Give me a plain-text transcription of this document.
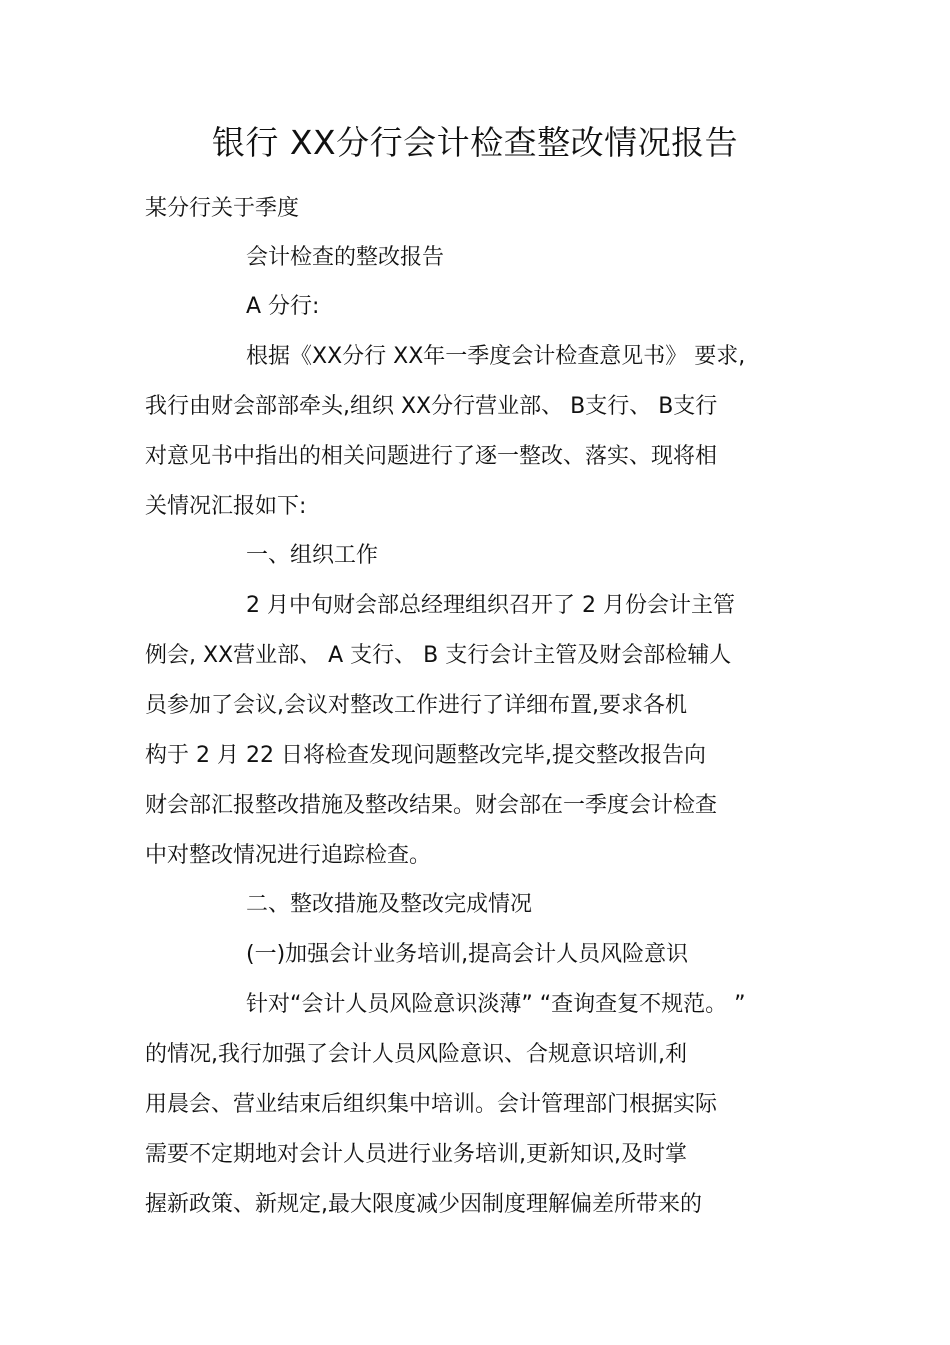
银行 XX分行会计检查整改情况报告
某分行关于季度
会计检查的整改报告
A 分行:
根据《XX分行 XX年一季度会计检查意见书》 要求,
我行由财会部部牵头,组织 XX分行营业部、 B支行、 B支行
对意见书中指出的相关问题进行了逐一整改、落实、现将相
关情况汇报如下:
一、组织工作
2 月中旬财会部总经理组织召开了 2 月份会计主管
例会, XX营业部、 A 支行、 B 支行会计主管及财会部检辅人
员参加了会议,会议对整改工作进行了详细布置,要求各机
构于 2 月 22 日将检查发现问题整改完毕,提交整改报告向
财会部汇报整改措施及整改结果。财会部在一季度会计检查
中对整改情况进行追踪检查。
二、整改措施及整改完成情况
(一)加强会计业务培训,提高会计人员风险意识
针对“会计人员风险意识淡薄” “查询查复不规范。 ”
的情况,我行加强了会计人员风险意识、合规意识培训,利
用晨会、营业结束后组织集中培训。会计管理部门根据实际
需要不定期地对会计人员进行业务培训,更新知识,及时掌
握新政策、新规定,最大限度减少因制度理解偏差所带来的
